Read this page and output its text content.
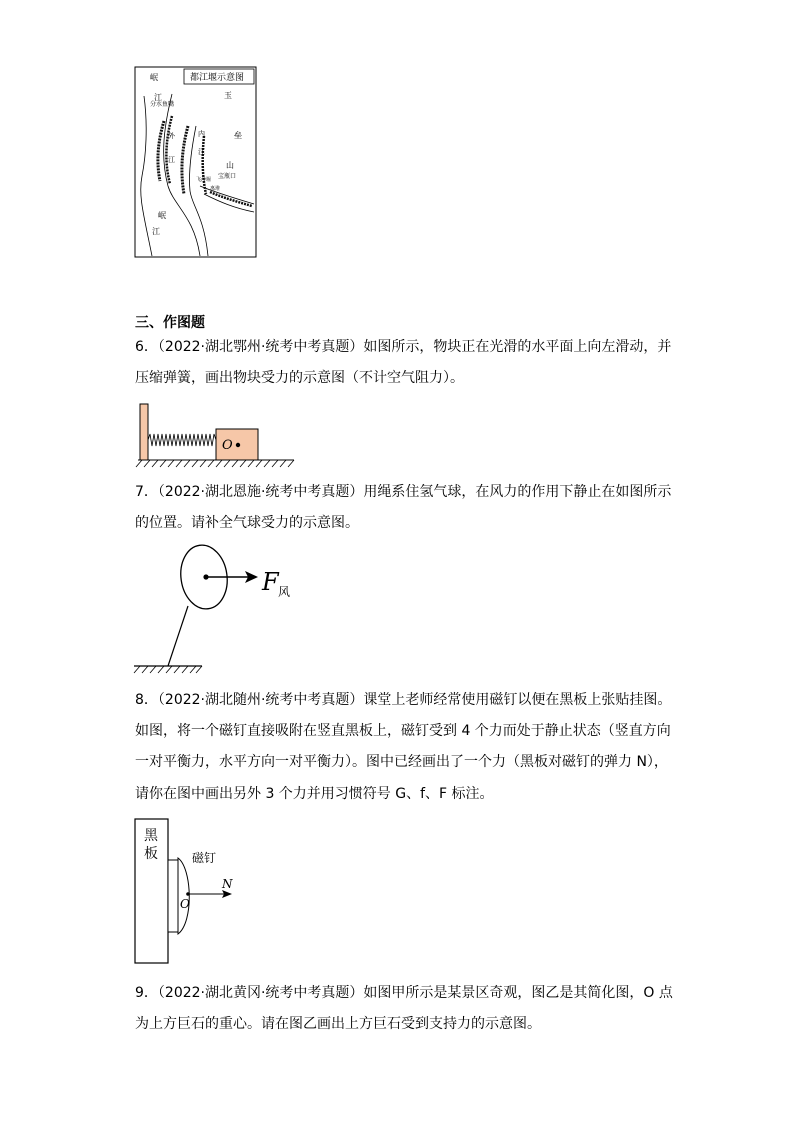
都江堰示意图
岷
江	玉
垒
山
分水鱼嘴
外
江
内
江
宝瓶口
飞沙堰
离堆
岷
江
三、作图题
6．（2022·湖北鄂州·统考中考真题）如图所示，物块正在光滑的水平面上向左滑动，并
压缩弹簧，画出物块受力的示意图（不计空气阻力）。
O
7．（2022·湖北恩施·统考中考真题）用绳系住氢气球，在风力的作用下静止在如图所示
的位置。请补全气球受力的示意图。
F 风
8．（2022·湖北随州·统考中考真题）课堂上老师经常使用磁钉以便在黑板上张贴挂图。
如图，将一个磁钉直接吸附在竖直黑板上，磁钉受到 4 个力而处于静止状态（竖直方向
一对平衡力，水平方向一对平衡力）。图中已经画出了一个力（黑板对磁钉的弹力 N），
请你在图中画出另外 3 个力并用习惯符号 G、f、F 标注。
黑
板	磁钉
N
O
9．（2022·湖北黄冈·统考中考真题）如图甲所示是某景区奇观，图乙是其简化图，O 点
为上方巨石的重心。请在图乙画出上方巨石受到支持力的示意图。
